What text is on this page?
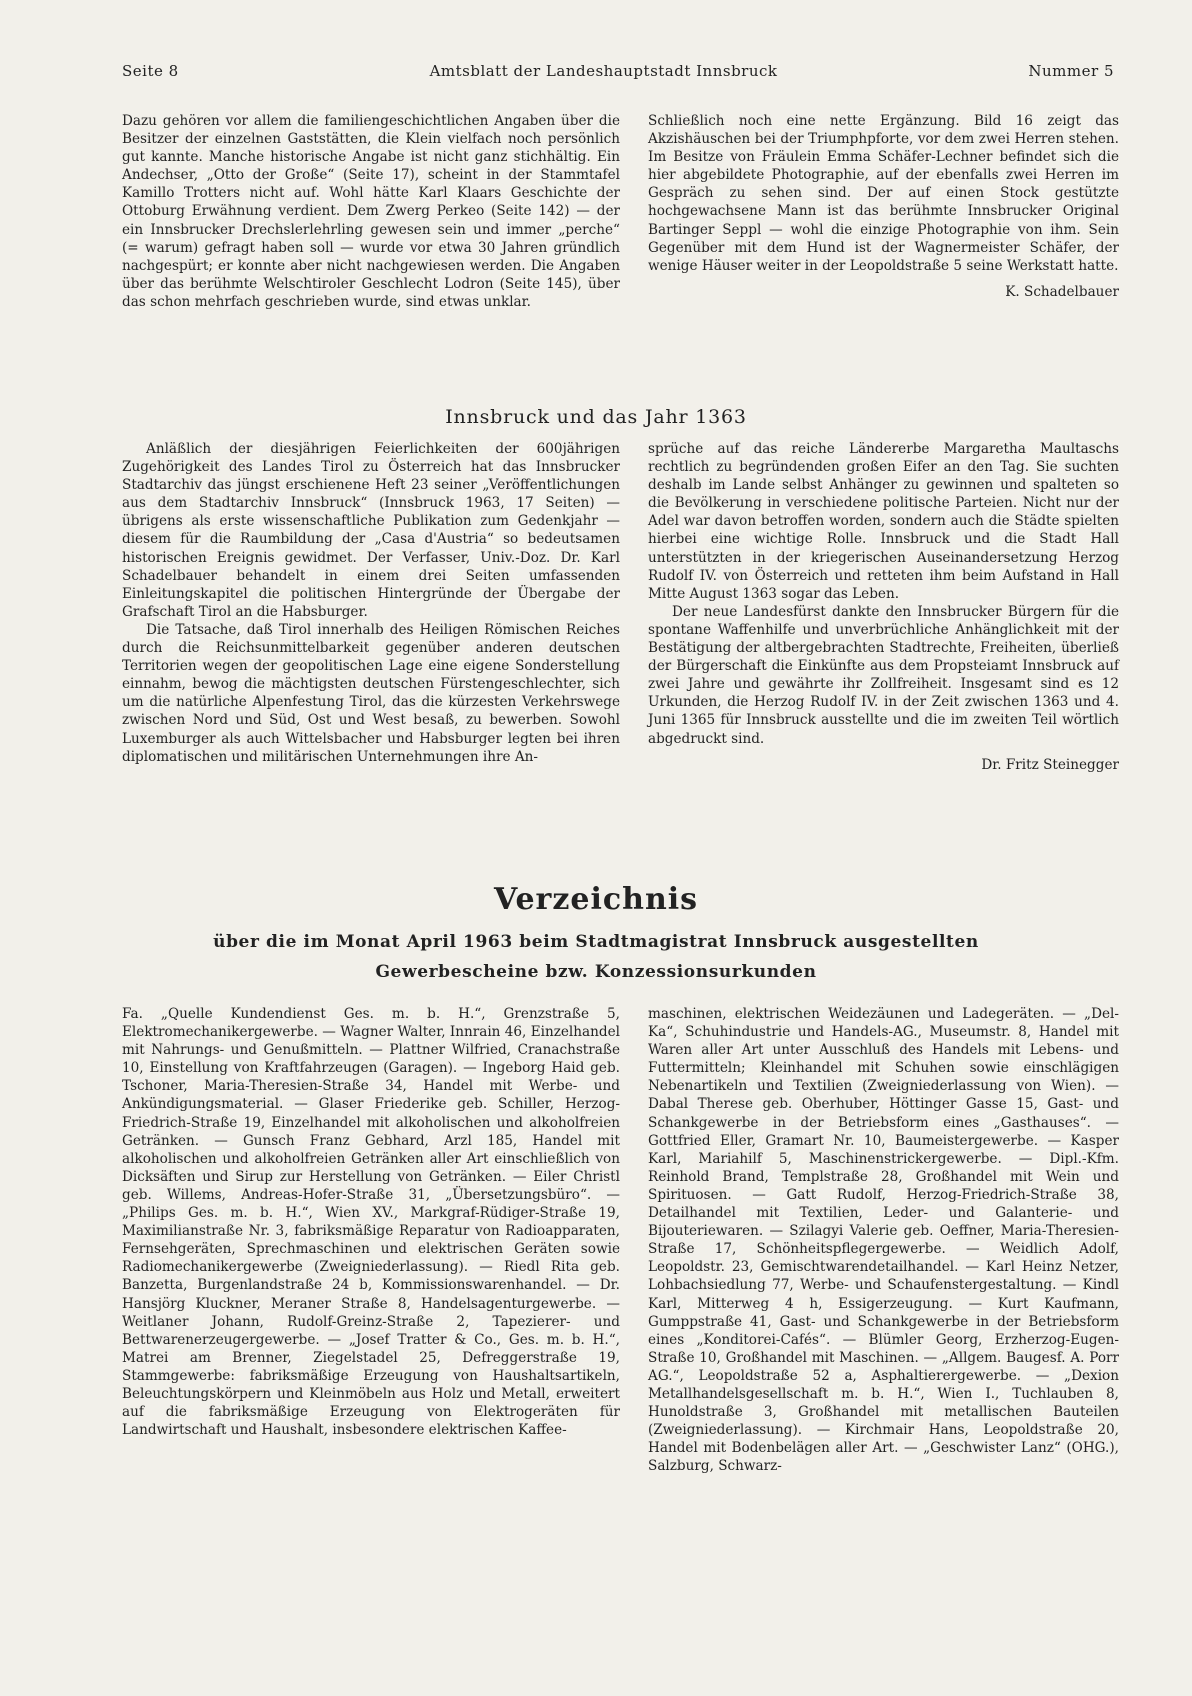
Seite 8	Amtsblatt der Landeshauptstadt Innsbruck	Nummer 5

Dazu gehören vor allem die familiengeschichtlichen Angaben über die Besitzer der einzelnen Gaststätten, die Klein vielfach noch persönlich gut kannte. Manche historische Angabe ist nicht ganz stichhältig. Ein Andechser, „Otto der Große“ (Seite 17), scheint in der Stammtafel Kamillo Trotters nicht auf. Wohl hätte Karl Klaars Geschichte der Ottoburg Erwähnung verdient. Dem Zwerg Perkeo (Seite 142) — der ein Innsbrucker Drechslerlehrling gewesen sein und immer „perche“ (= warum) gefragt haben soll — wurde vor etwa 30 Jahren gründlich nachgespürt; er konnte aber nicht nachgewiesen werden. Die Angaben über das berühmte Welschtiroler Geschlecht Lodron (Seite 145), über das schon mehrfach geschrieben wurde, sind etwas unklar.

Schließlich noch eine nette Ergänzung. Bild 16 zeigt das Akzishäuschen bei der Triumphpforte, vor dem zwei Herren stehen. Im Besitze von Fräulein Emma Schäfer-Lechner befindet sich die hier abgebildete Photographie, auf der ebenfalls zwei Herren im Gespräch zu sehen sind. Der auf einen Stock gestützte hochgewachsene Mann ist das berühmte Innsbrucker Original Bartinger Seppl — wohl die einzige Photographie von ihm. Sein Gegenüber mit dem Hund ist der Wagnermeister Schäfer, der wenige Häuser weiter in der Leopoldstraße 5 seine Werkstatt hatte.

K. Schadelbauer

Innsbruck und das Jahr 1363

Anläßlich der diesjährigen Feierlichkeiten der 600jährigen Zugehörigkeit des Landes Tirol zu Österreich hat das Innsbrucker Stadtarchiv das jüngst erschienene Heft 23 seiner „Veröffentlichungen aus dem Stadtarchiv Innsbruck“ (Innsbruck 1963, 17 Seiten) — übrigens als erste wissenschaftliche Publikation zum Gedenkjahr — diesem für die Raumbildung der „Casa d'Austria“ so bedeutsamen historischen Ereignis gewidmet. Der Verfasser, Univ.-Doz. Dr. Karl Schadelbauer behandelt in einem drei Seiten umfassenden Einleitungskapitel die politischen Hintergründe der Übergabe der Grafschaft Tirol an die Habsburger.

Die Tatsache, daß Tirol innerhalb des Heiligen Römischen Reiches durch die Reichsunmittelbarkeit gegenüber anderen deutschen Territorien wegen der geopolitischen Lage eine eigene Sonderstellung einnahm, bewog die mächtigsten deutschen Fürstengeschlechter, sich um die natürliche Alpenfestung Tirol, das die kürzesten Verkehrswege zwischen Nord und Süd, Ost und West besaß, zu bewerben. Sowohl Luxemburger als auch Wittelsbacher und Habsburger legten bei ihren diplomatischen und militärischen Unternehmungen ihre An-

sprüche auf das reiche Ländererbe Margaretha Maultaschs rechtlich zu begründenden großen Eifer an den Tag. Sie suchten deshalb im Lande selbst Anhänger zu gewinnen und spalteten so die Bevölkerung in verschiedene politische Parteien. Nicht nur der Adel war davon betroffen worden, sondern auch die Städte spielten hierbei eine wichtige Rolle. Innsbruck und die Stadt Hall unterstützten in der kriegerischen Auseinandersetzung Herzog Rudolf IV. von Österreich und retteten ihm beim Aufstand in Hall Mitte August 1363 sogar das Leben.

Der neue Landesfürst dankte den Innsbrucker Bürgern für die spontane Waffenhilfe und unverbrüchliche Anhänglichkeit mit der Bestätigung der altbergebrachten Stadtrechte, Freiheiten, überließ der Bürgerschaft die Einkünfte aus dem Propsteiamt Innsbruck auf zwei Jahre und gewährte ihr Zollfreiheit. Insgesamt sind es 12 Urkunden, die Herzog Rudolf IV. in der Zeit zwischen 1363 und 4. Juni 1365 für Innsbruck ausstellte und die im zweiten Teil wörtlich abgedruckt sind.

Dr. Fritz Steinegger

Verzeichnis
über die im Monat April 1963 beim Stadtmagistrat Innsbruck ausgestellten
Gewerbescheine bzw. Konzessionsurkunden

Fa. „Quelle Kundendienst Ges. m. b. H.“, Grenzstraße 5, Elektromechanikergewerbe. — Wagner Walter, Innrain 46, Einzelhandel mit Nahrungs- und Genußmitteln. — Plattner Wilfried, Cranachstraße 10, Einstellung von Kraftfahrzeugen (Garagen). — Ingeborg Haid geb. Tschoner, Maria-Theresien-Straße 34, Handel mit Werbe- und Ankündigungsmaterial. — Glaser Friederike geb. Schiller, Herzog-Friedrich-Straße 19, Einzelhandel mit alkoholischen und alkoholfreien Getränken. — Gunsch Franz Gebhard, Arzl 185, Handel mit alkoholischen und alkoholfreien Getränken aller Art einschließlich von Dicksäften und Sirup zur Herstellung von Getränken. — Eiler Christl geb. Willems, Andreas-Hofer-Straße 31, „Übersetzungsbüro“. — „Philips Ges. m. b. H.“, Wien XV., Markgraf-Rüdiger-Straße 19, Maximilianstraße Nr. 3, fabriksmäßige Reparatur von Radioapparaten, Fernsehgeräten, Sprechmaschinen und elektrischen Geräten sowie Radiomechanikergewerbe (Zweigniederlassung). — Riedl Rita geb. Banzetta, Burgenlandstraße 24 b, Kommissionswarenhandel. — Dr. Hansjörg Kluckner, Meraner Straße 8, Handelsagenturgewerbe. — Weitlaner Johann, Rudolf-Greinz-Straße 2, Tapezierer- und Bettwarenerzeugergewerbe. — „Josef Tratter & Co., Ges. m. b. H.“, Matrei am Brenner, Ziegelstadel 25, Defreggerstraße 19, Stammgewerbe: fabriksmäßige Erzeugung von Haushaltsartikeln, Beleuchtungskörpern und Kleinmöbeln aus Holz und Metall, erweitert auf die fabriksmäßige Erzeugung von Elektrogeräten für Landwirtschaft und Haushalt, insbesondere elektrischen Kaffee-

maschinen, elektrischen Weidezäunen und Ladegeräten. — „Del-Ka“, Schuhindustrie und Handels-AG., Museumstr. 8, Handel mit Waren aller Art unter Ausschluß des Handels mit Lebens- und Futtermitteln; Kleinhandel mit Schuhen sowie einschlägigen Nebenartikeln und Textilien (Zweigniederlassung von Wien). — Dabal Therese geb. Oberhuber, Höttinger Gasse 15, Gast- und Schankgewerbe in der Betriebsform eines „Gasthauses“. — Gottfried Eller, Gramart Nr. 10, Baumeistergewerbe. — Kasper Karl, Mariahilf 5, Maschinenstrickergewerbe. — Dipl.-Kfm. Reinhold Brand, Templstraße 28, Großhandel mit Wein und Spirituosen. — Gatt Rudolf, Herzog-Friedrich-Straße 38, Detailhandel mit Textilien, Leder- und Galanterie- und Bijouteriewaren. — Szilagyi Valerie geb. Oeffner, Maria-Theresien-Straße 17, Schönheitspflegergewerbe. — Weidlich Adolf, Leopoldstr. 23, Gemischtwarendetailhandel. — Karl Heinz Netzer, Lohbachsiedlung 77, Werbe- und Schaufenstergestaltung. — Kindl Karl, Mitterweg 4 h, Essigerzeugung. — Kurt Kaufmann, Gumppstraße 41, Gast- und Schankgewerbe in der Betriebsform eines „Konditorei-Cafés“. — Blümler Georg, Erzherzog-Eugen-Straße 10, Großhandel mit Maschinen. — „Allgem. Baugesf. A. Porr AG.“, Leopoldstraße 52 a, Asphaltierergewerbe. — „Dexion Metallhandelsgesellschaft m. b. H.“, Wien I., Tuchlauben 8, Hunoldstraße 3, Großhandel mit metallischen Bauteilen (Zweigniederlassung). — Kirchmair Hans, Leopoldstraße 20, Handel mit Bodenbelägen aller Art. — „Geschwister Lanz“ (OHG.), Salzburg, Schwarz-
